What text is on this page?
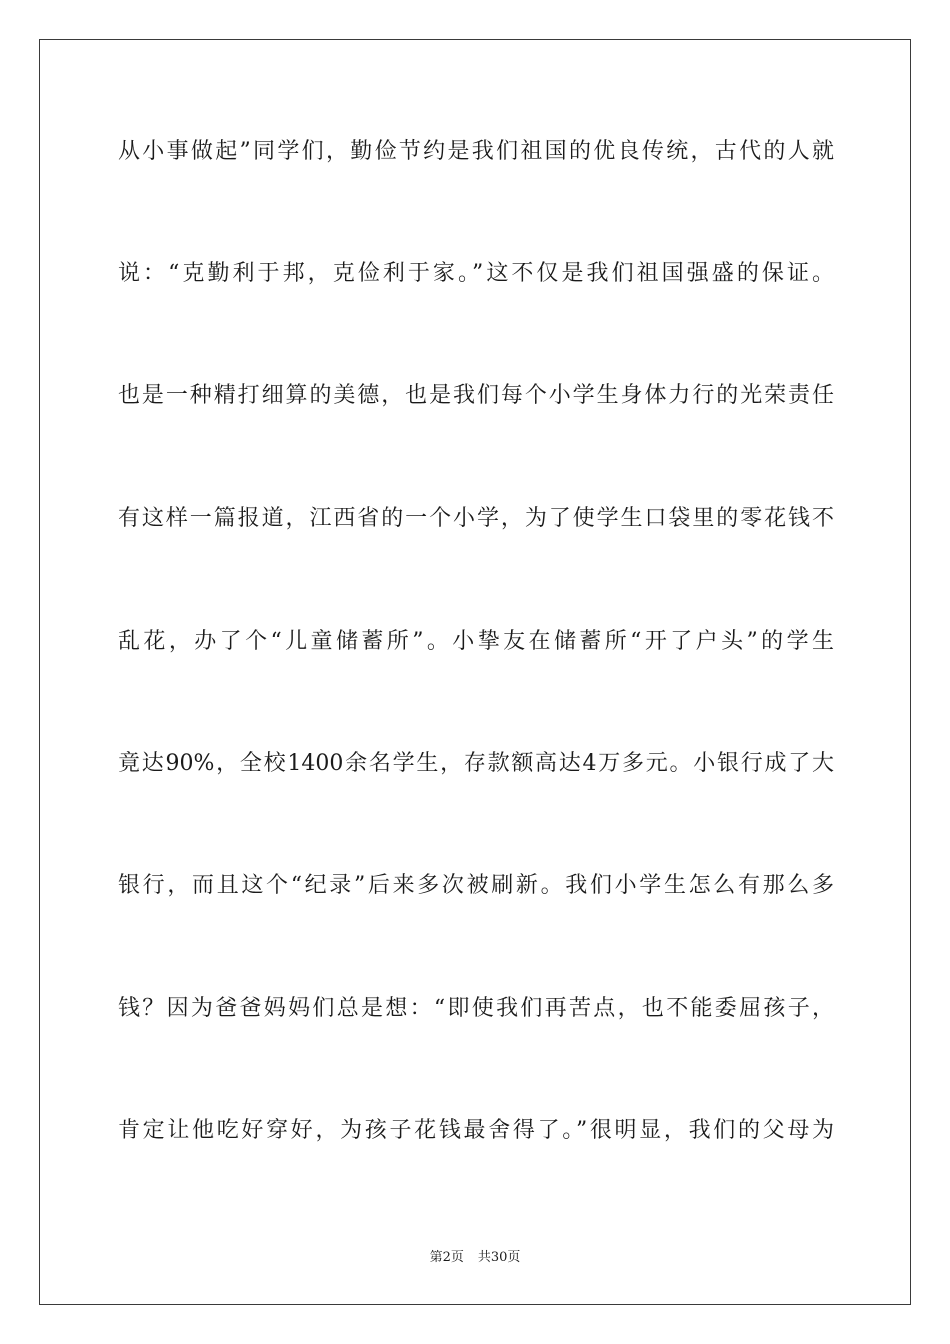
从小事做起”同学们，勤俭节约是我们祖国的优良传统，古代的人就
说：“克勤利于邦，克俭利于家。”这不仅是我们祖国强盛的保证。
也是一种精打细算的美德，也是我们每个小学生身体力行的光荣责任
有这样一篇报道，江西省的一个小学，为了使学生口袋里的零花钱不
乱花，办了个“儿童储蓄所”。小挚友在储蓄所“开了户头”的学生
竟达90%，全校1400余名学生，存款额高达4万多元。小银行成了大
银行，而且这个“纪录”后来多次被刷新。我们小学生怎么有那么多
钱？因为爸爸妈妈们总是想：“即使我们再苦点，也不能委屈孩子，
肯定让他吃好穿好，为孩子花钱最舍得了。”很明显，我们的父母为
第2页 共30页
